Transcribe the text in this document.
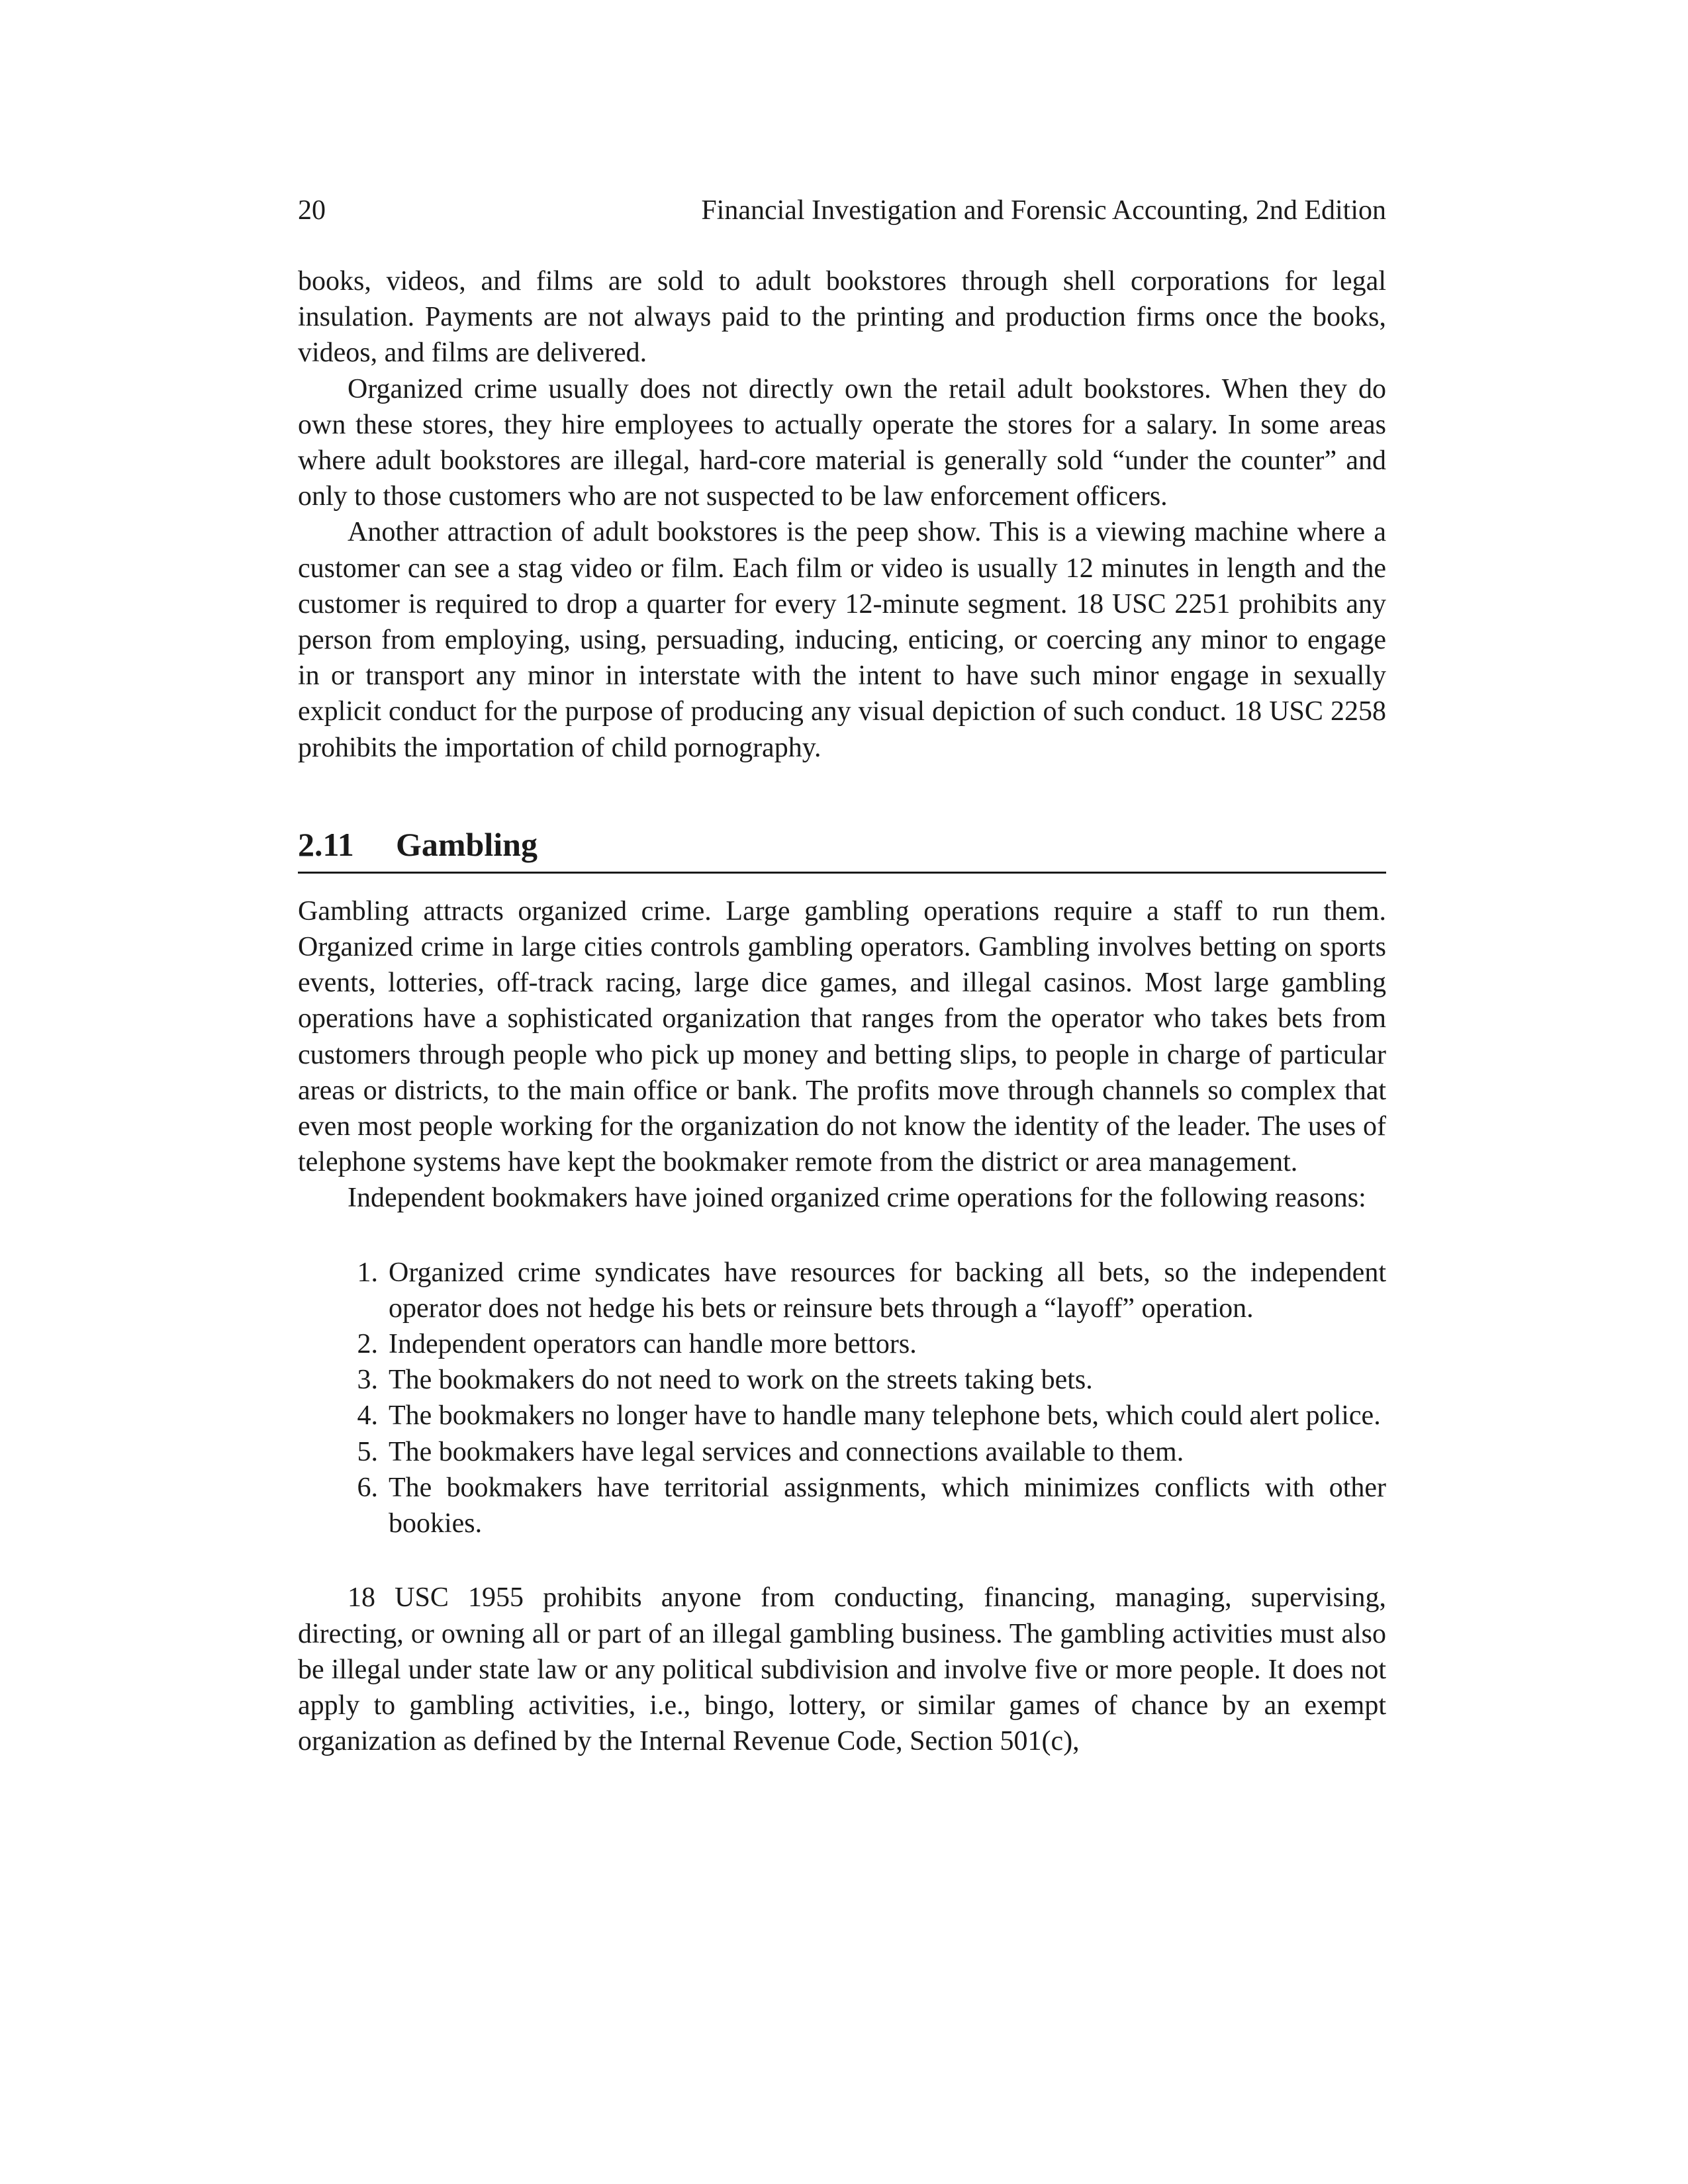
20	Financial Investigation and Forensic Accounting, 2nd Edition

books, videos, and films are sold to adult bookstores through shell corporations for legal insulation. Payments are not always paid to the printing and production firms once the books, videos, and films are delivered.

Organized crime usually does not directly own the retail adult bookstores. When they do own these stores, they hire employees to actually operate the stores for a salary. In some areas where adult bookstores are illegal, hard-core material is generally sold “under the counter” and only to those customers who are not suspected to be law enforcement officers.

Another attraction of adult bookstores is the peep show. This is a viewing machine where a customer can see a stag video or film. Each film or video is usually 12 minutes in length and the customer is required to drop a quarter for every 12-minute segment. 18 USC 2251 prohibits any person from employing, using, persuading, inducing, enticing, or coercing any minor to engage in or transport any minor in interstate with the intent to have such minor engage in sexually explicit conduct for the purpose of producing any visual depiction of such conduct. 18 USC 2258 prohibits the importation of child pornography.

2.11	Gambling

Gambling attracts organized crime. Large gambling operations require a staff to run them. Organized crime in large cities controls gambling operators. Gambling involves betting on sports events, lotteries, off-track racing, large dice games, and illegal casinos. Most large gambling operations have a sophisticated organization that ranges from the operator who takes bets from customers through people who pick up money and betting slips, to people in charge of particular areas or districts, to the main office or bank. The profits move through channels so complex that even most people working for the organization do not know the identity of the leader. The uses of telephone systems have kept the bookmaker remote from the district or area management.

Independent bookmakers have joined organized crime operations for the following reasons:

1. Organized crime syndicates have resources for backing all bets, so the independent operator does not hedge his bets or reinsure bets through a “layoff” operation.
2. Independent operators can handle more bettors.
3. The bookmakers do not need to work on the streets taking bets.
4. The bookmakers no longer have to handle many telephone bets, which could alert police.
5. The bookmakers have legal services and connections available to them.
6. The bookmakers have territorial assignments, which minimizes conflicts with other bookies.

18 USC 1955 prohibits anyone from conducting, financing, managing, supervising, directing, or owning all or part of an illegal gambling business. The gambling activities must also be illegal under state law or any political subdivision and involve five or more people. It does not apply to gambling activities, i.e., bingo, lottery, or similar games of chance by an exempt organization as defined by the Internal Revenue Code, Section 501(c),
